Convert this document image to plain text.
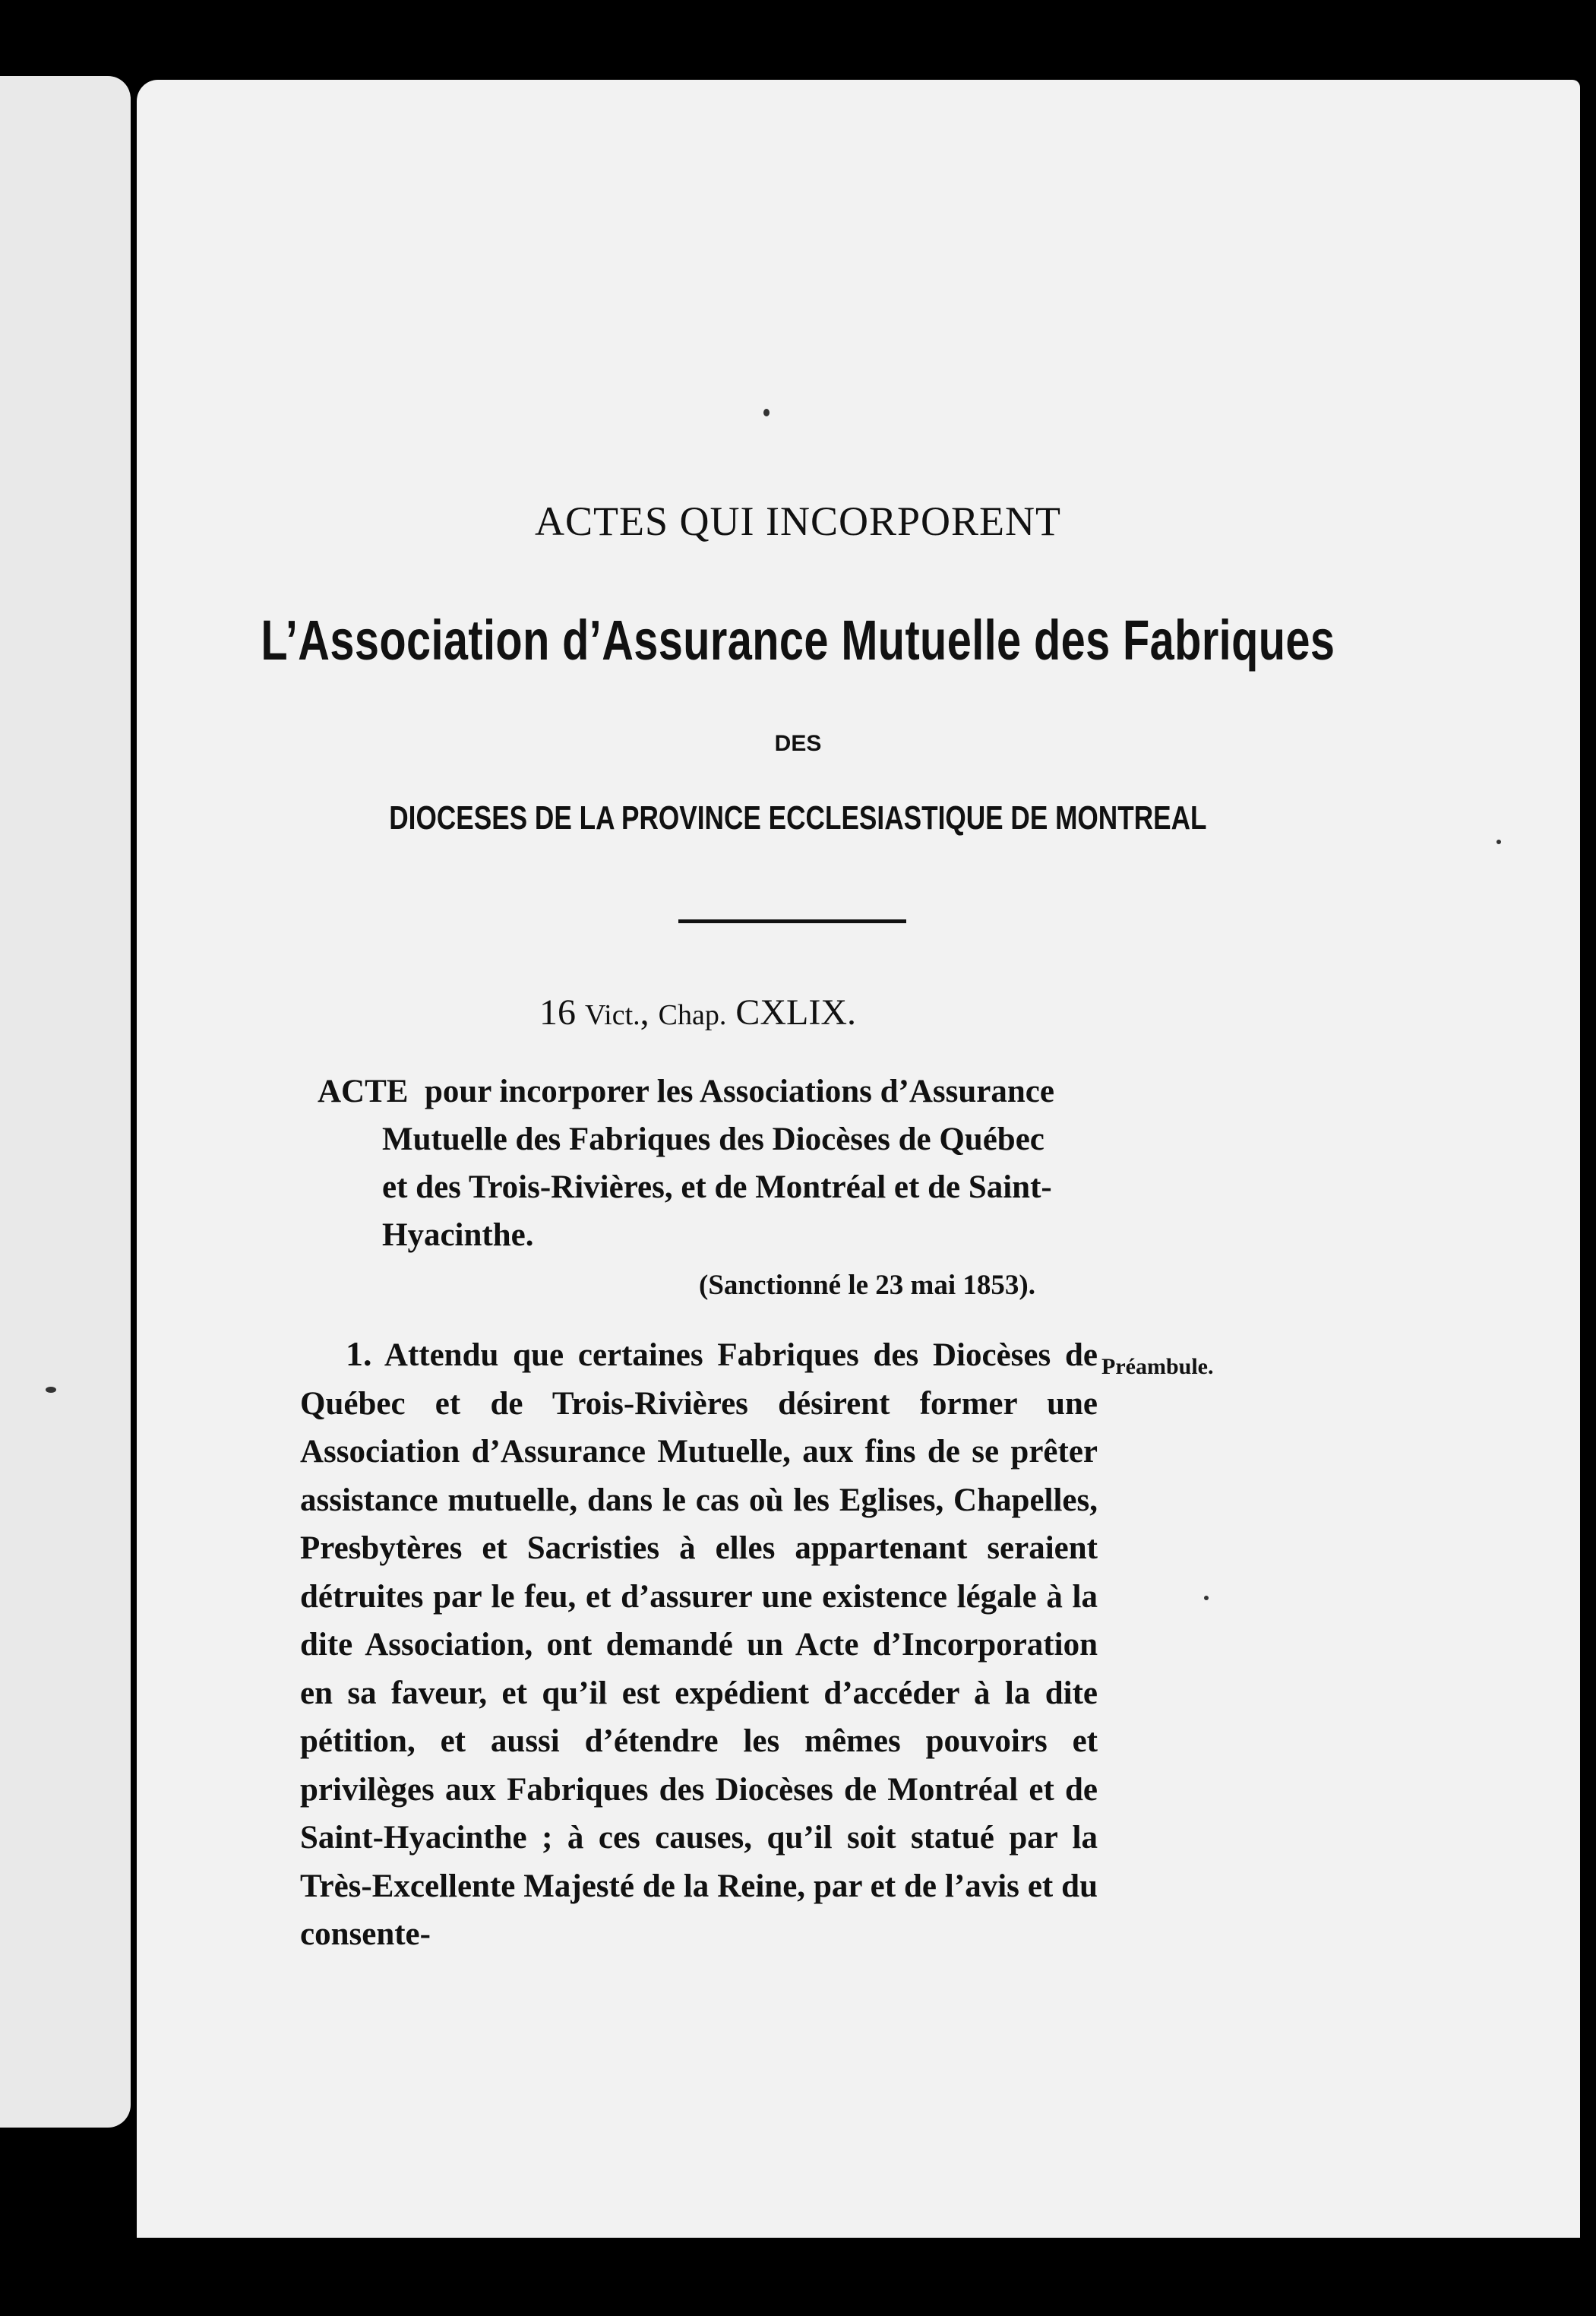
ACTES QUI INCORPORENT
L’Association d’Assurance Mutuelle des Fabriques
DES
DIOCESES DE LA PROVINCE ECCLESIASTIQUE DE MONTREAL
16 Vict., Chap. CXLIX.
ACTE  pour incorporer les Associations d’Assurance
Mutuelle des Fabriques des Diocèses de Québec
et des Trois-Rivières, et de Montréal et de Saint-
Hyacinthe.
(Sanctionné le 23 mai 1853).
Préambule.
1. Attendu que certaines Fabriques des Diocèses de Québec et de Trois-Rivières désirent former une Association d’Assurance Mutuelle, aux fins de se prêter assistance mutuelle, dans le cas où les Eglises, Chapelles, Presbytères et Sacristies à elles appartenant seraient détruites par le feu, et d’assurer une existence légale à la dite Association, ont demandé un Acte d’Incorporation en sa faveur, et qu’il est expédient d’accéder à la dite pétition, et aussi d’étendre les mêmes pouvoirs et privilèges aux Fabriques des Diocèses de Montréal et de Saint-Hyacinthe ; à ces causes, qu’il soit statué par la Très-Excellente Majesté de la Reine, par et de l’avis et du consente-
